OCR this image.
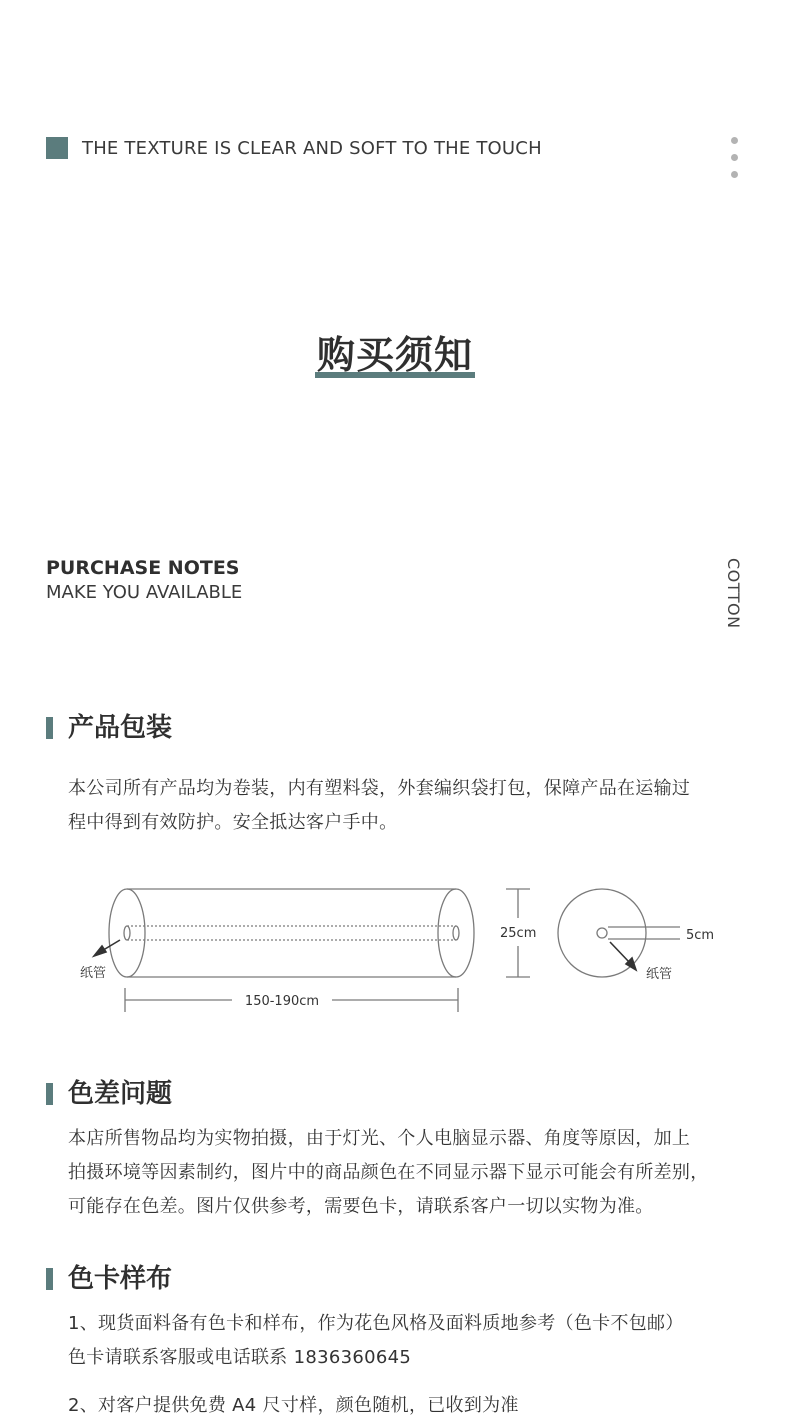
THE TEXTURE IS CLEAR AND SOFT TO THE TOUCH
购买须知
PURCHASE NOTES
MAKE YOU AVAILABLE	COTTON
产品包装
本公司所有产品均为卷装，内有塑料袋，外套编织袋打包，保障产品在运输过
程中得到有效防护。安全抵达客户手中。
纸管
150-190cm
25cm	5cm
纸管
色差问题
本店所售物品均为实物拍摄，由于灯光、个人电脑显示器、角度等原因，加上
拍摄环境等因素制约，图片中的商品颜色在不同显示器下显示可能会有所差别，
可能存在色差。图片仅供参考，需要色卡，请联系客户一切以实物为准。
色卡样布
1、现货面料备有色卡和样布，作为花色风格及面料质地参考（色卡不包邮）
色卡请联系客服或电话联系 1836360645
2、对客户提供免费 A4 尺寸样，颜色随机，已收到为准
